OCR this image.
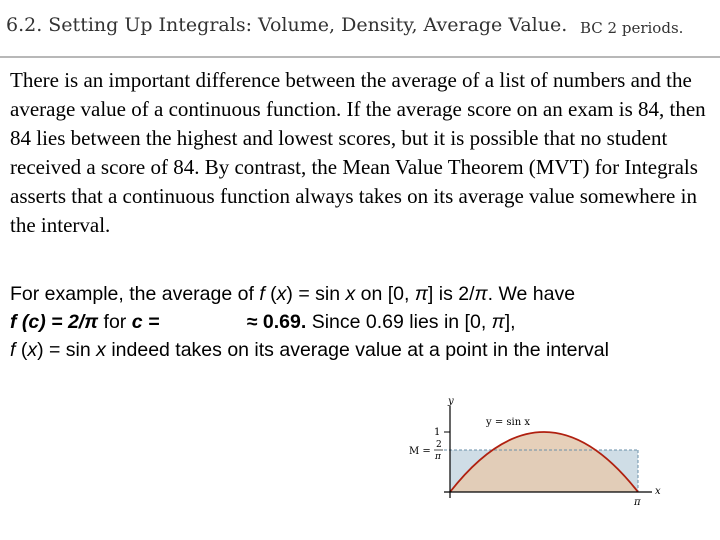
6.2. Setting Up Integrals: Volume, Density, Average Value. BC 2 periods.

There is an important difference between the average of a list of numbers and the average value of a continuous function. If the average score on an exam is 84, then 84 lies between the highest and lowest scores, but it is possible that no student received a score of 84. By contrast, the Mean Value Theorem (MVT) for Integrals asserts that a continuous function always takes on its average value somewhere in the interval.

For example, the average of f (x) = sin x on [0, π] is 2/π. We have
f (c) = 2/π for c =	≈ 0.69. Since 0.69 lies in [0, π],
f (x) = sin x indeed takes on its average value at a point in the interval
y
x
y = sin x
1
M =
2
π
π
